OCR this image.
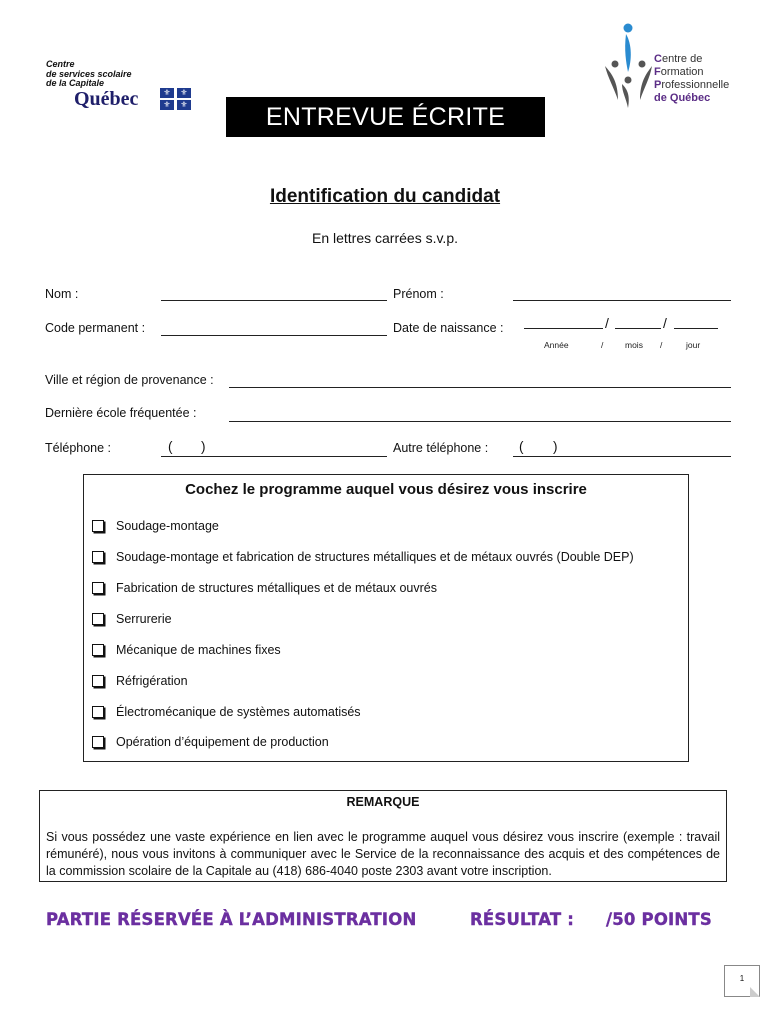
Centre
de services scolaire
de la Capitale
Québec	⚜	⚜
⚜	⚜	ENTREVUE ÉCRITE
Centre de
Formation
Professionnelle
de Québec
Identification du candidat
En lettres carrées s.v.p.
Nom :	Prénom :
Code permanent :	Date de naissance :	/	/
Année	/	mois /	jour
Ville et région de provenance :
Dernière école fréquentée :
Téléphone :	( )	Autre téléphone : ( )
Cochez le programme auquel vous désirez vous inscrire
Soudage-montage
Soudage-montage et fabrication de structures métalliques et de métaux ouvrés (Double DEP)
Fabrication de structures métalliques et de métaux ouvrés
Serrurerie
Mécanique de machines fixes
Réfrigération
Électromécanique de systèmes automatisés
Opération d’équipement de production
REMARQUE
Si vous possédez une vaste expérience en lien avec le programme auquel vous désirez vous inscrire (exemple : travail rémunéré), nous vous invitons à communiquer avec le Service de la reconnaissance des acquis et des compétences de la commission scolaire de la Capitale au (418) 686-4040 poste 2303 avant votre inscription.
PARTIE RÉSERVÉE À L’ADMINISTRATION	RÉSULTAT : /50 POINTS
1
